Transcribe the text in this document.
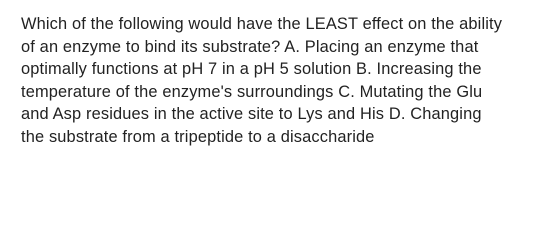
Which of the following would have the LEAST effect on the ability
of an enzyme to bind its substrate? A. Placing an enzyme that
optimally functions at pH 7 in a pH 5 solution B. Increasing the
temperature of the enzyme's surroundings C. Mutating the Glu
and Asp residues in the active site to Lys and His D. Changing
the substrate from a tripeptide to a disaccharide
